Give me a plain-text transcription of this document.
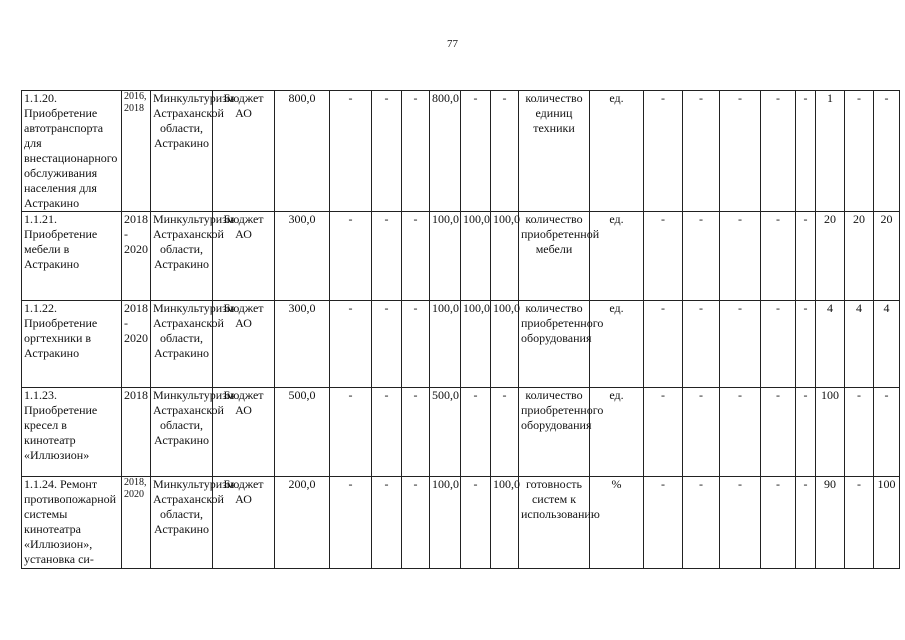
77
1.1.20. Приобретение автотранспорта для внестационарного обслуживания населения для Астракино	2016, 2018	Минкультуризм Астраханской области, Астракино	Бюджет АО	800,0	-	-	-	800,0	-	-	количество единиц техники	ед.	-	-	-	-	-	1	-	-
1.1.21. Приобретение мебели в Астракино	2018 - 2020	Минкультуризм Астраханской области, Астракино	Бюджет АО	300,0	-	-	-	100,0	100,0	100,0	количество приобретенной мебели	ед.	-	-	-	-	-	20	20	20
1.1.22. Приобретение оргтехники в Астракино	2018 - 2020	Минкультуризм Астраханской области, Астракино	Бюджет АО	300,0	-	-	-	100,0	100,0	100,0	количество приобретенного оборудования	ед.	-	-	-	-	-	4	4	4
1.1.23. Приобретение кресел в кинотеатр «Иллюзион»	2018	Минкультуризм Астраханской области, Астракино	Бюджет АО	500,0	-	-	-	500,0	-	-	количество приобретенного оборудования	ед.	-	-	-	-	-	100	-	-
1.1.24. Ремонт противопожарной системы кинотеатра «Иллюзион», установка си-	2018, 2020	Минкультуризм Астраханской области, Астракино	Бюджет АО	200,0	-	-	-	100,0	-	100,0	готовность систем к использованию	%	-	-	-	-	-	90	-	100
